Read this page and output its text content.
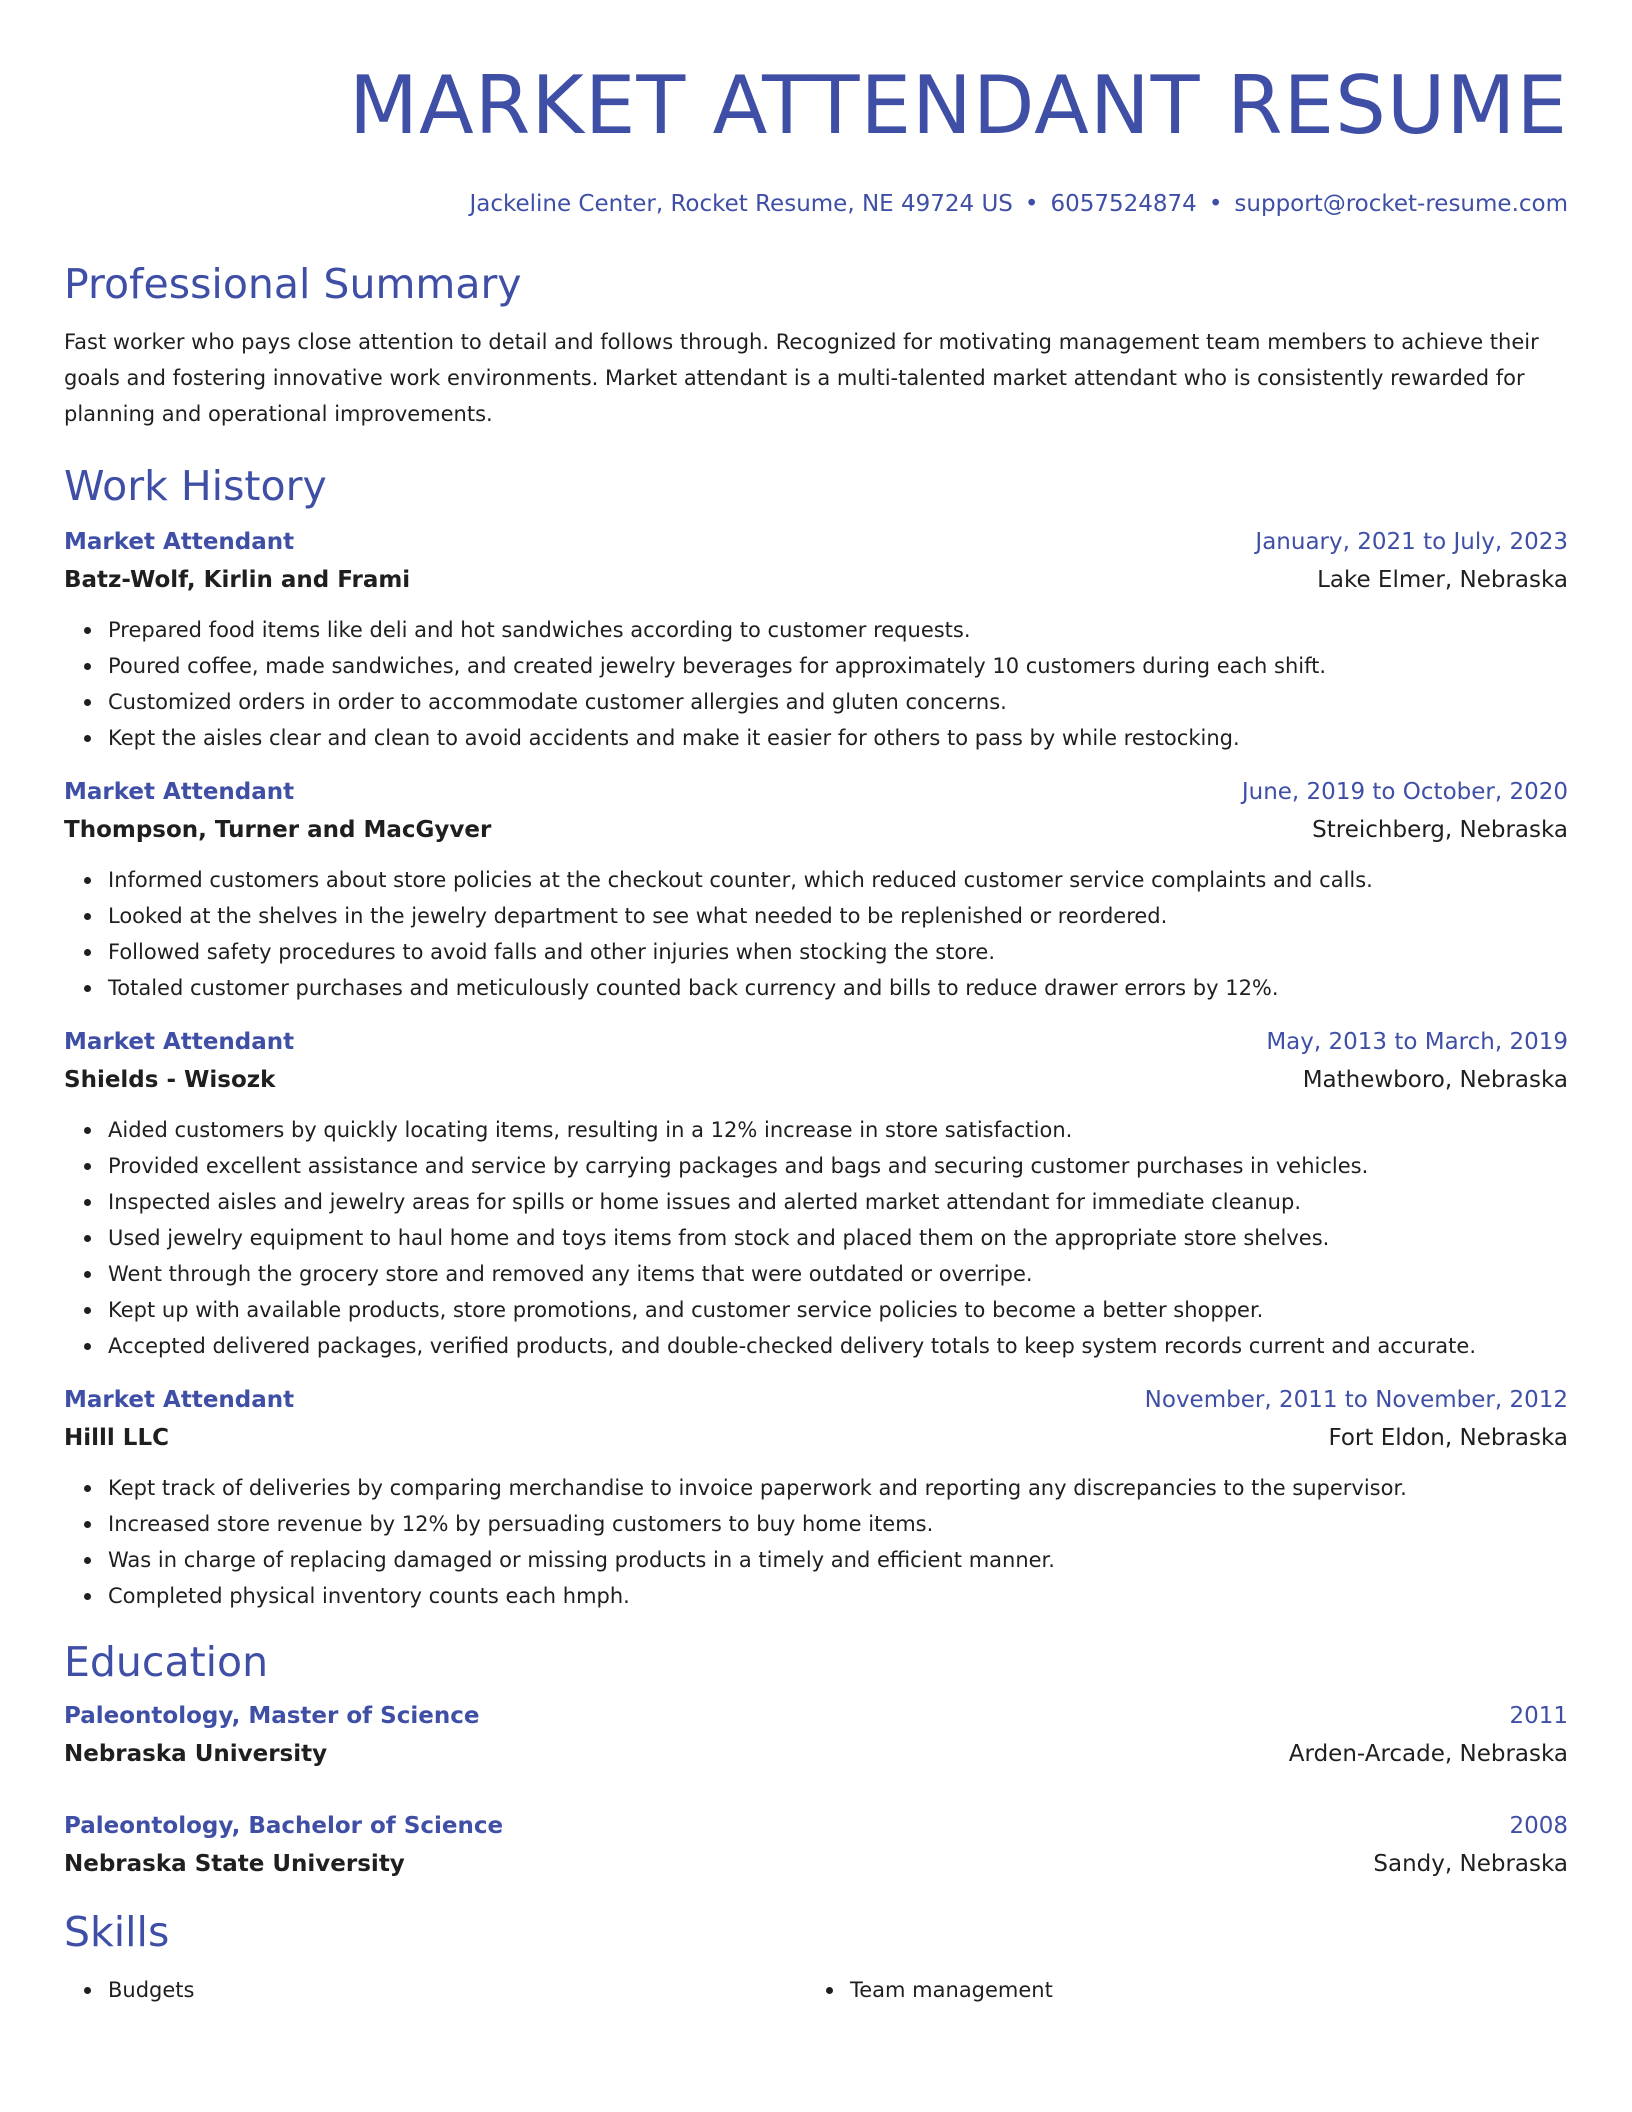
MARKET ATTENDANT RESUME
Jackeline Center, Rocket Resume, NE 49724 US • 6057524874 • support@rocket-resume.com
Professional Summary
Fast worker who pays close attention to detail and follows through. Recognized for motivating management team members to achieve their goals and fostering innovative work environments. Market attendant is a multi-talented market attendant who is consistently rewarded for planning and operational improvements.
Work History
Market Attendant	January, 2021 to July, 2023
Batz-Wolf, Kirlin and Frami	Lake Elmer, Nebraska
Prepared food items like deli and hot sandwiches according to customer requests.
Poured coffee, made sandwiches, and created jewelry beverages for approximately 10 customers during each shift.
Customized orders in order to accommodate customer allergies and gluten concerns.
Kept the aisles clear and clean to avoid accidents and make it easier for others to pass by while restocking.
Market Attendant	June, 2019 to October, 2020
Thompson, Turner and MacGyver	Streichberg, Nebraska
Informed customers about store policies at the checkout counter, which reduced customer service complaints and calls.
Looked at the shelves in the jewelry department to see what needed to be replenished or reordered.
Followed safety procedures to avoid falls and other injuries when stocking the store.
Totaled customer purchases and meticulously counted back currency and bills to reduce drawer errors by 12%.
Market Attendant	May, 2013 to March, 2019
Shields - Wisozk	Mathewboro, Nebraska
Aided customers by quickly locating items, resulting in a 12% increase in store satisfaction.
Provided excellent assistance and service by carrying packages and bags and securing customer purchases in vehicles.
Inspected aisles and jewelry areas for spills or home issues and alerted market attendant for immediate cleanup.
Used jewelry equipment to haul home and toys items from stock and placed them on the appropriate store shelves.
Went through the grocery store and removed any items that were outdated or overripe.
Kept up with available products, store promotions, and customer service policies to become a better shopper.
Accepted delivered packages, verified products, and double-checked delivery totals to keep system records current and accurate.
Market Attendant	November, 2011 to November, 2012
Hilll LLC	Fort Eldon, Nebraska
Kept track of deliveries by comparing merchandise to invoice paperwork and reporting any discrepancies to the supervisor.
Increased store revenue by 12% by persuading customers to buy home items.
Was in charge of replacing damaged or missing products in a timely and efficient manner.
Completed physical inventory counts each hmph.
Education
Paleontology, Master of Science	2011
Nebraska University	Arden-Arcade, Nebraska
Paleontology, Bachelor of Science	2008
Nebraska State University	Sandy, Nebraska
Skills
Budgets	Team management
